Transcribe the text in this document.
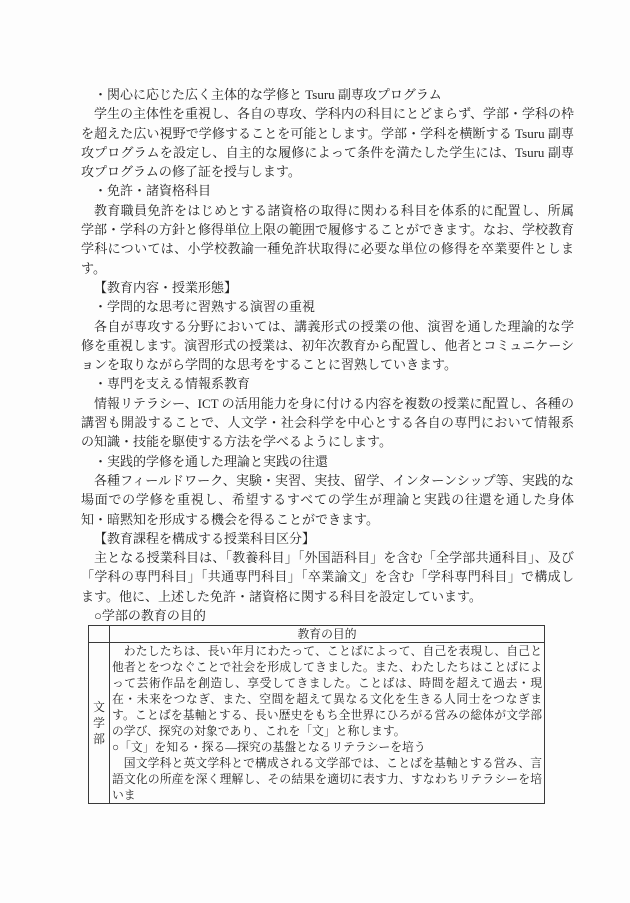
・関心に応じた広く主体的な学修と Tsuru 副専攻プログラム

学生の主体性を重視し、各自の専攻、学科内の科目にとどまらず、学部・学科の枠を超えた広い視野で学修することを可能とします。学部・学科を横断する Tsuru 副専攻プログラムを設定し、自主的な履修によって条件を満たした学生には、Tsuru 副専攻プログラムの修了証を授与します。

・免許・諸資格科目

教育職員免許をはじめとする諸資格の取得に関わる科目を体系的に配置し、所属学部・学科の方針と修得単位上限の範囲で履修することができます。なお、学校教育学科については、小学校教諭一種免許状取得に必要な単位の修得を卒業要件とします。

【教育内容・授業形態】

・学問的な思考に習熟する演習の重視

各自が専攻する分野においては、講義形式の授業の他、演習を通した理論的な学修を重視します。演習形式の授業は、初年次教育から配置し、他者とコミュニケーションを取りながら学問的な思考をすることに習熟していきます。

・専門を支える情報系教育

情報リテラシー、ICT の活用能力を身に付ける内容を複数の授業に配置し、各種の講習も開設することで、人文学・社会科学を中心とする各自の専門において情報系の知識・技能を駆使する方法を学べるようにします。

・実践的学修を通した理論と実践の往還

各種フィールドワーク、実験・実習、実技、留学、インターンシップ等、実践的な場面での学修を重視し、希望するすべての学生が理論と実践の往還を通した身体知・暗黙知を形成する機会を得ることができます。

【教育課程を構成する授業科目区分】

主となる授業科目は、「教養科目」「外国語科目」を含む「全学部共通科目」、及び「学科の専門科目」「共通専門科目」「卒業論文」を含む「学科専門科目」で構成します。他に、上述した免許・諸資格に関する科目を設定しています。

○学部の教育の目的

	教育の目的
文学部	わたしたちは、長い年月にわたって、ことばによって、自己を表現し、自己と他者とをつなぐことで社会を形成してきました。また、わたしたちはことばによって芸術作品を創造し、享受してきました。ことばは、時間を超えて過去・現在・未来をつなぎ、また、空間を超えて異なる文化を生きる人同士をつなぎます。ことばを基軸とする、長い歴史をもち全世界にひろがる営みの総体が文学部の学び、探究の対象であり、これを「文」と称します。

○「文」を知る・探る―探究の基盤となるリテラシーを培う

国文学科と英文学科とで構成される文学部では、ことばを基軸とする営み、言語文化の所産を深く理解し、その結果を適切に表す力、すなわちリテラシーを培いま
